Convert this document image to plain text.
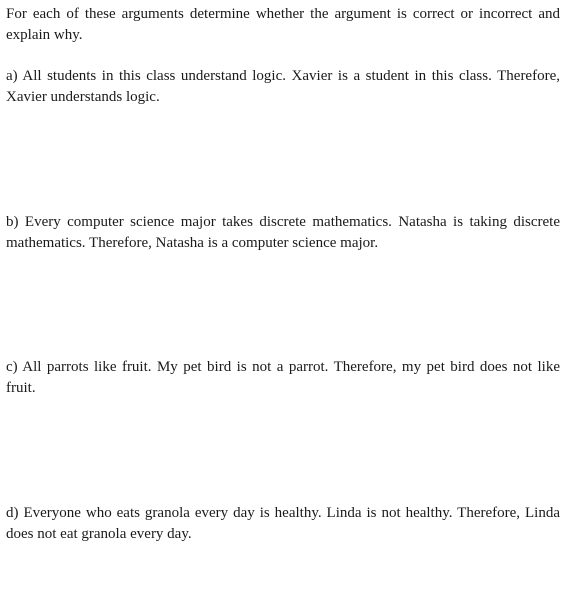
For each of these arguments determine whether the argument is correct or incorrect and explain why.

a) All students in this class understand logic. Xavier is a student in this class. Therefore, Xavier understands logic.

b) Every computer science major takes discrete mathematics. Natasha is taking discrete mathematics. Therefore, Natasha is a computer science major.

c) All parrots like fruit. My pet bird is not a parrot. Therefore, my pet bird does not like fruit.

d) Everyone who eats granola every day is healthy. Linda is not healthy. Therefore, Linda does not eat granola every day.
